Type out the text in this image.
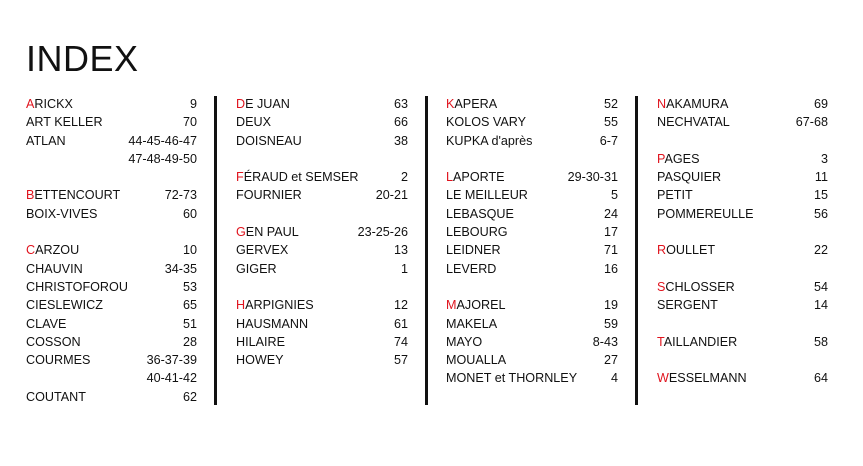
INDEX
ARICKX	9
ART KELLER	70
ATLAN	44-45-46-47
47-48-49-50
BETTENCOURT	72-73
BOIX-VIVES	60
CARZOU	10
CHAUVIN	34-35
CHRISTOFOROU	53
CIESLEWICZ	65
CLAVE	51
COSSON	28
COURMES	36-37-39
40-41-42
COUTANT	62
DE JUAN	63
DEUX	66
DOISNEAU	38
FÉRAUD et SEMSER	2
FOURNIER	20-21
GEN PAUL	23-25-26
GERVEX	13
GIGER	1
HARPIGNIES	12
HAUSMANN	61
HILAIRE	74
HOWEY	57
KAPERA	52
KOLOS VARY	55
KUPKA d'après	6-7
LAPORTE	29-30-31
LE MEILLEUR	5
LEBASQUE	24
LEBOURG	17
LEIDNER	71
LEVERD	16
MAJOREL	19
MAKELA	59
MAYO	8-43
MOUALLA	27
MONET et THORNLEY	4
NAKAMURA	69
NECHVATAL	67-68
PAGES	3
PASQUIER	11
PETIT	15
POMMEREULLE	56
ROULLET	22
SCHLOSSER	54
SERGENT	14
TAILLANDIER	58
WESSELMANN	64
